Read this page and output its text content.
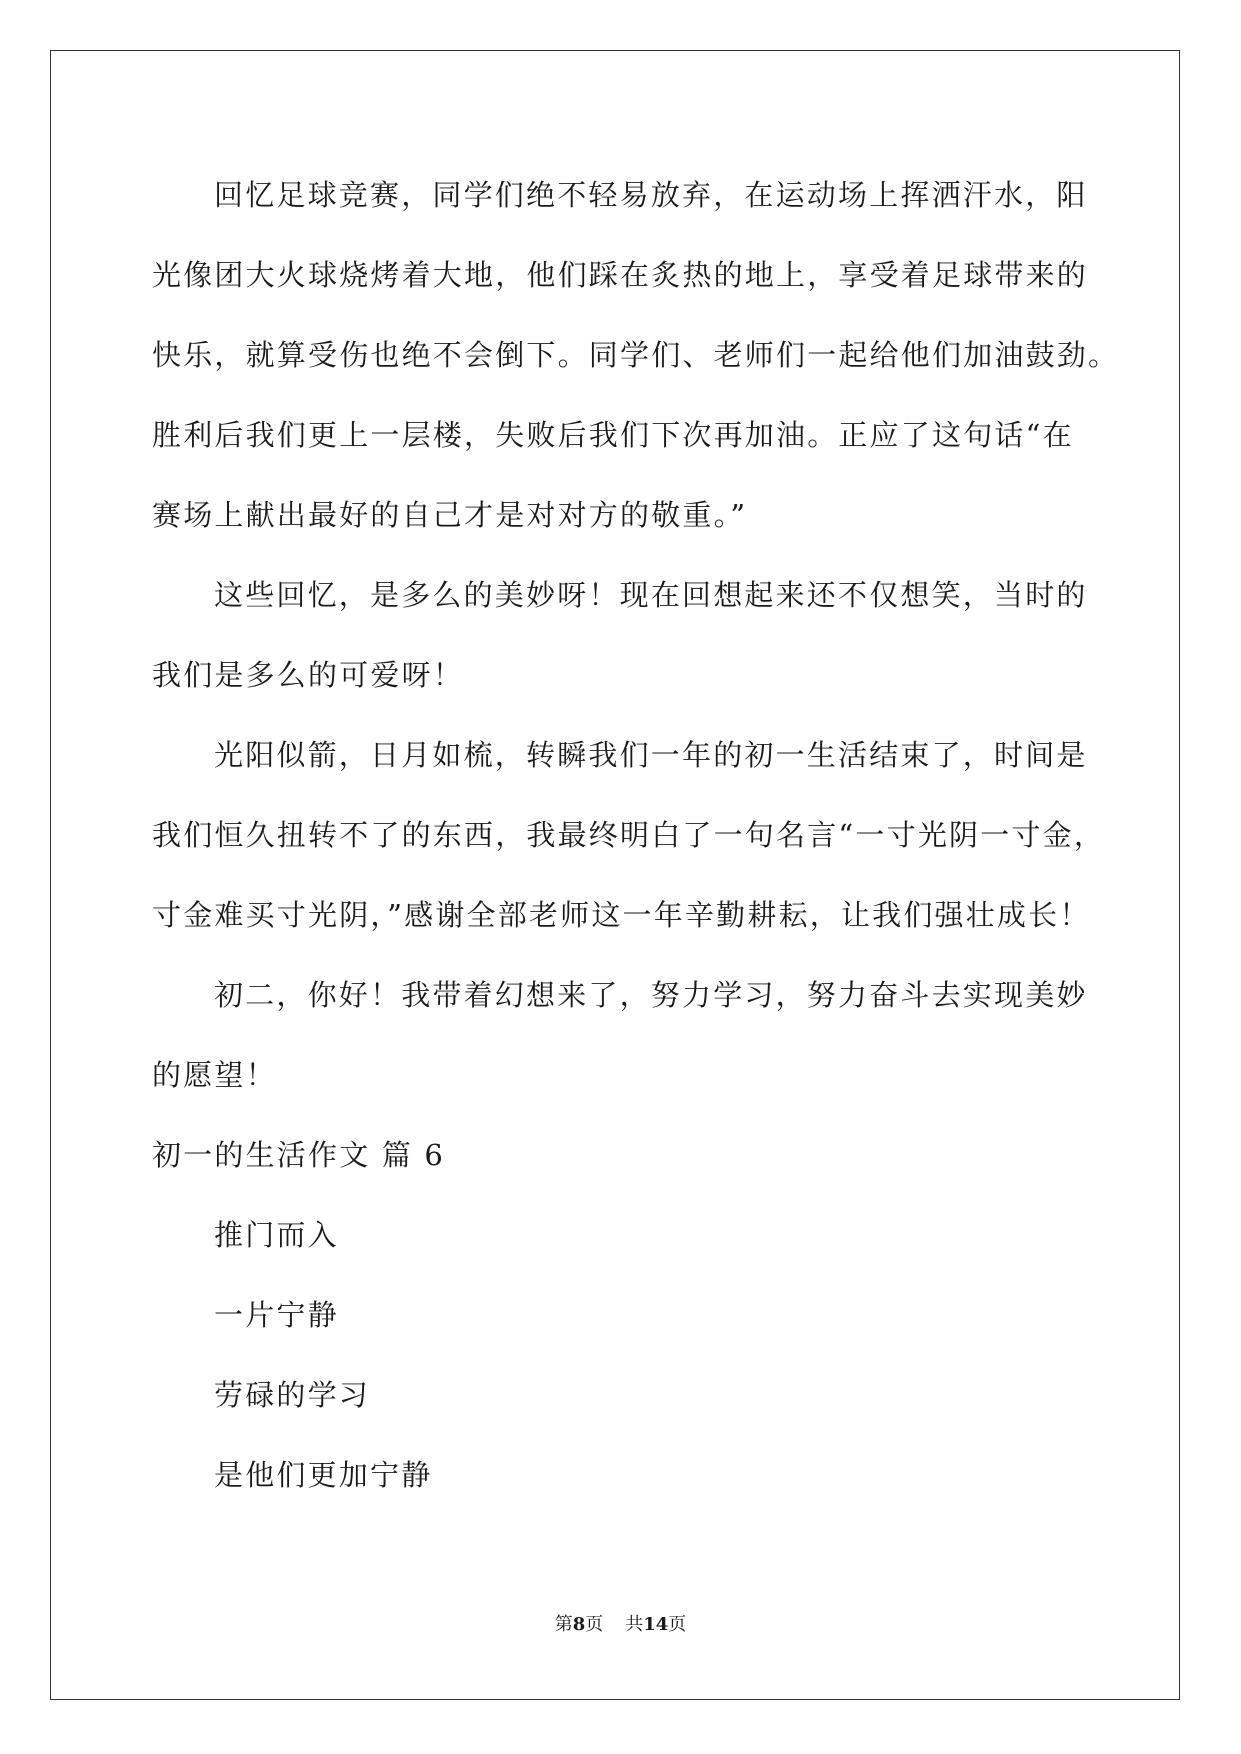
回忆足球竞赛，同学们绝不轻易放弃，在运动场上挥洒汗水，阳
光像团大火球烧烤着大地，他们踩在炙热的地上，享受着足球带来的
快乐，就算受伤也绝不会倒下。同学们、老师们一起给他们加油鼓劲。
胜利后我们更上一层楼，失败后我们下次再加油。正应了这句话“在
赛场上献出最好的自己才是对对方的敬重。”
这些回忆，是多么的美妙呀！现在回想起来还不仅想笑，当时的
我们是多么的可爱呀！
光阳似箭，日月如梳，转瞬我们一年的初一生活结束了，时间是
我们恒久扭转不了的东西，我最终明白了一句名言“一寸光阴一寸金，
寸金难买寸光阴，”感谢全部老师这一年辛勤耕耘，让我们强壮成长！
初二，你好！我带着幻想来了，努力学习，努力奋斗去实现美妙
的愿望！
初一的生活作文 篇 6
推门而入
一片宁静
劳碌的学习
是他们更加宁静
第8页 共14页
